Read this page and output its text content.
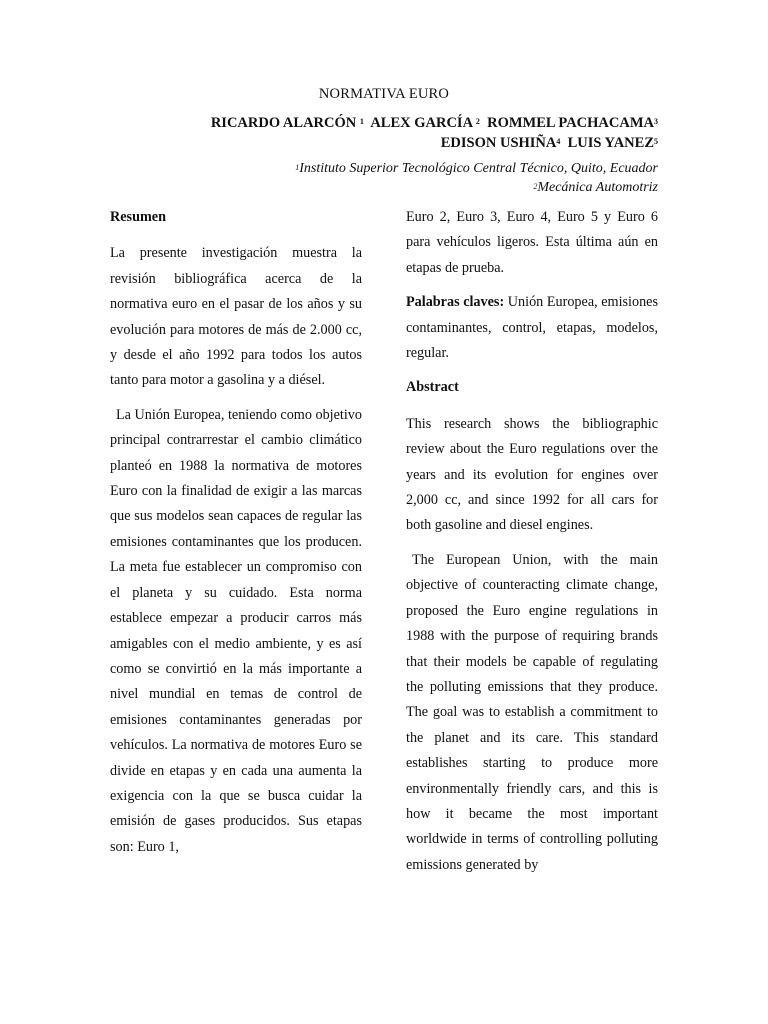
NORMATIVA EURO
RICARDO ALARCÓN $^1$ ALEX GARCÍA $^2$ ROMMEL PACHACAMA$^3$
EDISON USHIÑA$^4$ LUIS YANEZ$^5$
$^1$Instituto Superior Tecnológico Central Técnico, Quito, Ecuador
$^2$Mecánica Automotriz

Resumen

La presente investigación muestra la revisión bibliográfica acerca de la normativa euro en el pasar de los años y su evolución para motores de más de 2.000 cc, y desde el año 1992 para todos los autos tanto para motor a gasolina y a diésel.

La Unión Europea, teniendo como objetivo principal contrarrestar el cambio climático planteó en 1988 la normativa de motores Euro con la finalidad de exigir a las marcas que sus modelos sean capaces de regular las emisiones contaminantes que los producen. La meta fue establecer un compromiso con el planeta y su cuidado. Esta norma establece empezar a producir carros más amigables con el medio ambiente, y es así como se convirtió en la más importante a nivel mundial en temas de control de emisiones contaminantes generadas por vehículos. La normativa de motores Euro se divide en etapas y en cada una aumenta la exigencia con la que se busca cuidar la emisión de gases producidos. Sus etapas son: Euro 1,

Euro 2, Euro 3, Euro 4, Euro 5 y Euro 6 para vehículos ligeros. Esta última aún en etapas de prueba.

Palabras claves: Unión Europea, emisiones contaminantes, control, etapas, modelos, regular.

Abstract

This research shows the bibliographic review about the Euro regulations over the years and its evolution for engines over 2,000 cc, and since 1992 for all cars for both gasoline and diesel engines.

The European Union, with the main objective of counteracting climate change, proposed the Euro engine regulations in 1988 with the purpose of requiring brands that their models be capable of regulating the polluting emissions that they produce. The goal was to establish a commitment to the planet and its care. This standard establishes starting to produce more environmentally friendly cars, and this is how it became the most important worldwide in terms of controlling polluting emissions generated by
